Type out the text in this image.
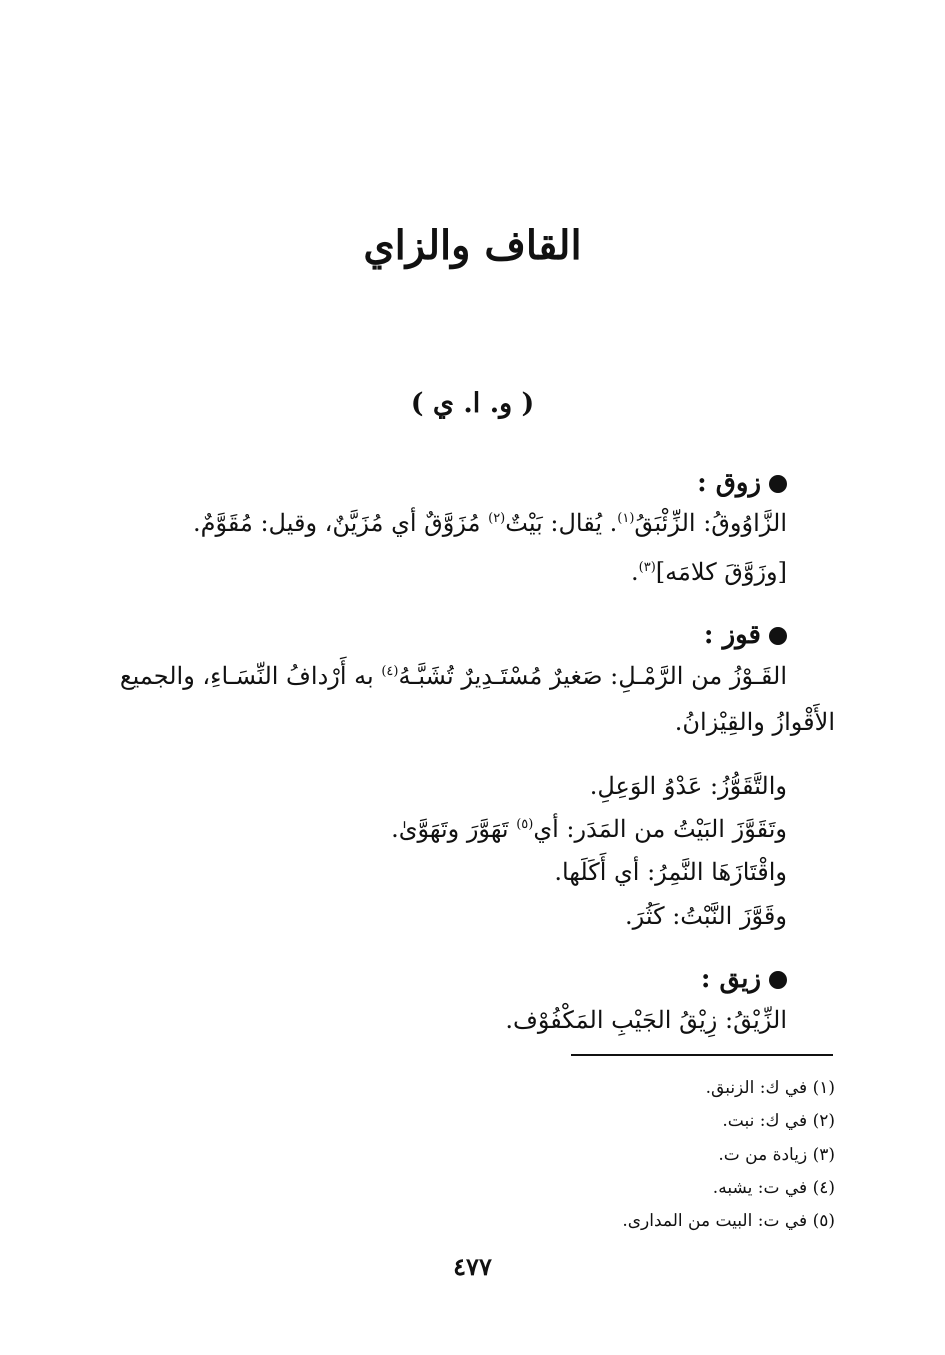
القاف والزاي
( و. ا. ي )
زوق :
الزَّاوُوقُ: الزِّئْبَقُ$^{(١)}$. يُقال: بَيْتٌ$^{(٢)}$ مُزَوَّقٌ أي مُزَيَّنٌ، وقيل: مُقَوَّمٌ.
[وزَوَّقَ كلامَه]$^{(٣)}$.
قوز :
القَـوْزُ من الرَّمْـلِ: صَغيرٌ مُسْتَـدِيرٌ تُشَبَّـهُ$^{(٤)}$ به أَرْدافُ النِّسَـاءِ، والجميع
الأَقْوازُ والقِيْزانُ.
والتَّقَوُّزُ: عَدْوُ الوَعِلِ.
وتَقَوَّزَ البَيْتُ من المَدَر: أي$^{(٥)}$ تَهَوَّرَ وتَهَوَّىٰ.
واقْتَازَهَا النَّمِرُ: أي أَكَلَها.
وقَوَّزَ النَّبْتُ: كَثُرَ.
زيق :
الزِّيْقُ: زِيْقُ الجَيْبِ المَكْفُوْف.
(١) في ك: الزنبق.
(٢) في ك: نبت.
(٣) زيادة من ت.
(٤) في ت: يشبه.
(٥) في ت: البيت من المدارى.
٤٧٧
